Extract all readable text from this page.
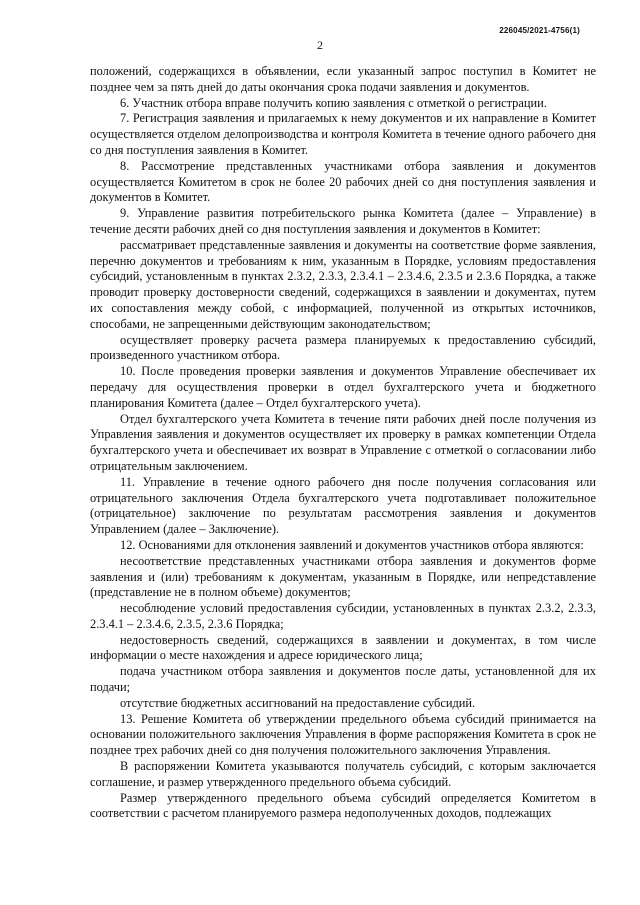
226045/2021-4756(1)
2

положений, содержащихся в объявлении, если указанный запрос поступил в Комитет не позднее чем за пять дней до даты окончания срока подачи заявления и документов.

6. Участник отбора вправе получить копию заявления с отметкой о регистрации.

7. Регистрация заявления и прилагаемых к нему документов и их направление в Комитет осуществляется отделом делопроизводства и контроля Комитета в течение одного рабочего дня со дня поступления заявления в Комитет.

8. Рассмотрение представленных участниками отбора заявления и документов осуществляется Комитетом в срок не более 20 рабочих дней со дня поступления заявления и документов в Комитет.

9. Управление развития потребительского рынка Комитета (далее – Управление) в течение десяти рабочих дней со дня поступления заявления и документов в Комитет:

рассматривает представленные заявления и документы на соответствие форме заявления, перечню документов и требованиям к ним, указанным в Порядке, условиям предоставления субсидий, установленным в пунктах 2.3.2, 2.3.3, 2.3.4.1 – 2.3.4.6, 2.3.5 и 2.3.6 Порядка, а также проводит проверку достоверности сведений, содержащихся в заявлении и документах, путем их сопоставления между собой, с информацией, полученной из открытых источников, способами, не запрещенными действующим законодательством;

осуществляет проверку расчета размера планируемых к предоставлению субсидий, произведенного участником отбора.

10. После проведения проверки заявления и документов Управление обеспечивает их передачу для осуществления проверки в отдел бухгалтерского учета и бюджетного планирования Комитета (далее – Отдел бухгалтерского учета).

Отдел бухгалтерского учета Комитета в течение пяти рабочих дней после получения из Управления заявления и документов осуществляет их проверку в рамках компетенции Отдела бухгалтерского учета и обеспечивает их возврат в Управление с отметкой о согласовании либо отрицательным заключением.

11. Управление в течение одного рабочего дня после получения согласования или отрицательного заключения Отдела бухгалтерского учета подготавливает положительное (отрицательное) заключение по результатам рассмотрения заявления и документов Управлением (далее – Заключение).

12. Основаниями для отклонения заявлений и документов участников отбора являются:

несоответствие представленных участниками отбора заявления и документов форме заявления и (или) требованиям к документам, указанным в Порядке, или непредставление (представление не в полном объеме) документов;

несоблюдение условий предоставления субсидии, установленных в пунктах 2.3.2, 2.3.3, 2.3.4.1 – 2.3.4.6, 2.3.5, 2.3.6 Порядка;

недостоверность сведений, содержащихся в заявлении и документах, в том числе информации о месте нахождения и адресе юридического лица;

подача участником отбора заявления и документов после даты, установленной для их подачи;

отсутствие бюджетных ассигнований на предоставление субсидий.

13. Решение Комитета об утверждении предельного объема субсидий принимается на основании положительного заключения Управления в форме распоряжения Комитета в срок не позднее трех рабочих дней со дня получения положительного заключения Управления.

В распоряжении Комитета указываются получатель субсидий, с которым заключается соглашение, и размер утвержденного предельного объема субсидий.

Размер утвержденного предельного объема субсидий определяется Комитетом в соответствии с расчетом планируемого размера недополученных доходов, подлежащих
